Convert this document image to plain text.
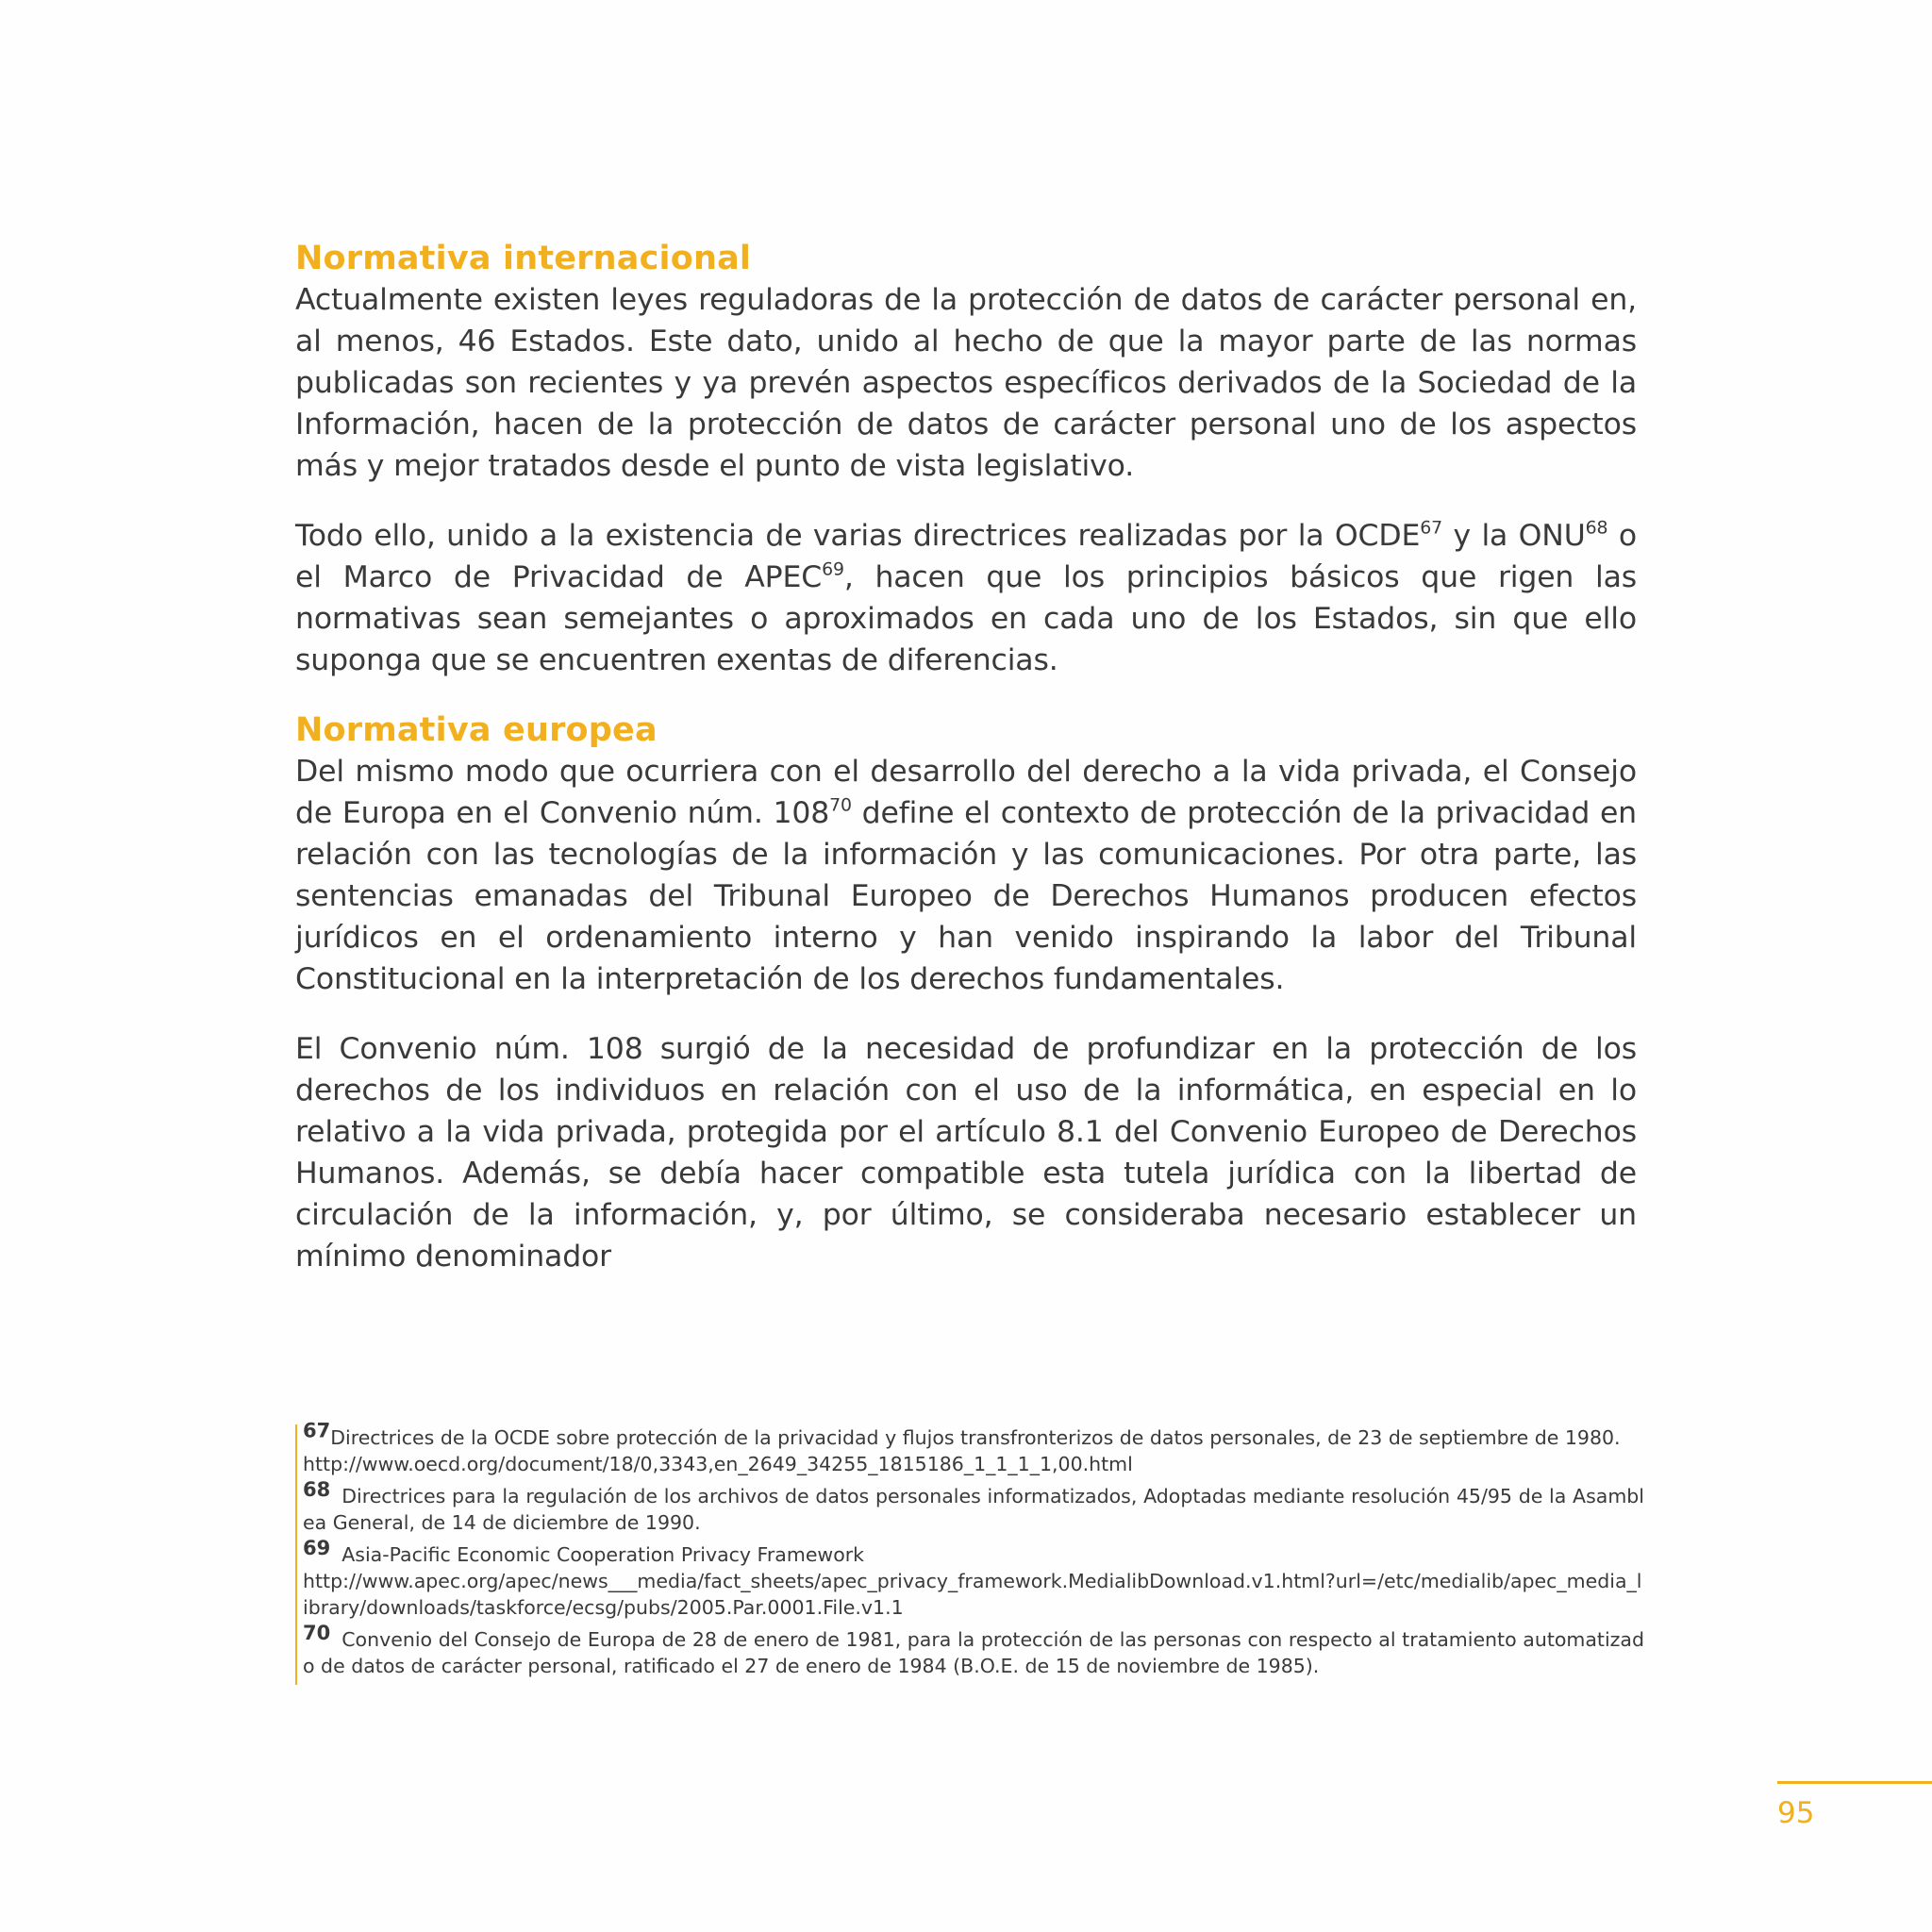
Normativa internacional

Actualmente existen leyes reguladoras de la protección de datos de carácter personal en, al menos, 46 Estados. Este dato, unido al hecho de que la mayor parte de las normas publicadas son recientes y ya prevén aspectos específicos derivados de la Sociedad de la Información, hacen de la protección de datos de carácter personal uno de los aspectos más y mejor tratados desde el punto de vista legislativo.

Todo ello, unido a la existencia de varias directrices realizadas por la OCDE$^{67}$ y la ONU$^{68}$ o el Marco de Privacidad de APEC$^{69}$, hacen que los principios básicos que rigen las normativas sean semejantes o aproximados en cada uno de los Estados, sin que ello suponga que se encuentren exentas de diferencias.

Normativa europea

Del mismo modo que ocurriera con el desarrollo del derecho a la vida privada, el Consejo de Europa en el Convenio núm. $108^{70}$ define el contexto de protección de la privacidad en relación con las tecnologías de la información y las comunicaciones. Por otra parte, las sentencias emanadas del Tribunal Europeo de Derechos Humanos producen efectos jurídicos en el ordenamiento interno y han venido inspirando la labor del Tribunal Constitucional en la interpretación de los derechos fundamentales.

El Convenio núm. 108 surgió de la necesidad de profundizar en la protección de los derechos de los individuos en relación con el uso de la informática, en especial en lo relativo a la vida privada, protegida por el artículo 8.1 del Convenio Europeo de Derechos Humanos. Además, se debía hacer compatible esta tutela jurídica con la libertad de circulación de la información, y, por último, se consideraba necesario establecer un mínimo denominador

67Directrices de la OCDE sobre protección de la privacidad y flujos transfronterizos de datos personales, de 23 de septiembre de 1980.
http://www.oecd.org/document/18/0,3343,en_2649_34255_1815186_1_1_1_1,00.html
68 Directrices para la regulación de los archivos de datos personales informatizados, Adoptadas mediante resolución 45/95 de la Asamblea General, de 14 de diciembre de 1990.
69 Asia-Pacific Economic Cooperation Privacy Framework
http://www.apec.org/apec/news___media/fact_sheets/apec_privacy_framework.MedialibDownload.v1.html?url=/etc/medialib/apec_media_library/downloads/taskforce/ecsg/pubs/2005.Par.0001.File.v1.1
70 Convenio del Consejo de Europa de 28 de enero de 1981, para la protección de las personas con respecto al tratamiento automatizado de datos de carácter personal, ratificado el 27 de enero de 1984 (B.O.E. de 15 de noviembre de 1985).
95
